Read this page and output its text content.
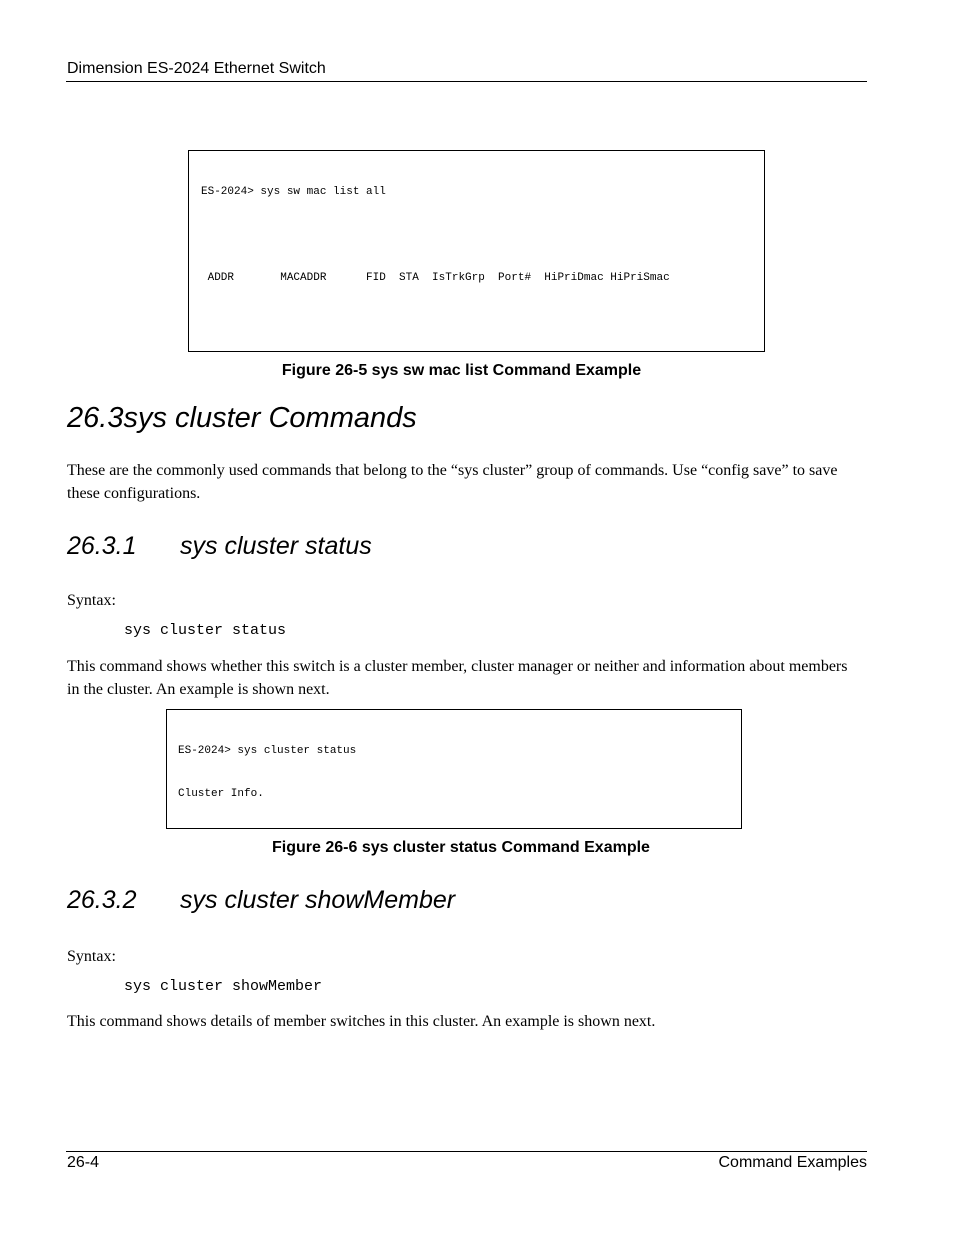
Dimension ES-2024 Ethernet Switch

ES-2024> sys sw mac list all

ADDR       MACADDR      FID  STA  IsTrkGrp  Port#  HiPriDmac HiPriSmac

Figure 26-5 sys sw mac list Command Example
26.3sys cluster Commands
These are the commonly used commands that belong to the “sys cluster” group of commands. Use “config save” to save these configurations.
26.3.1 sys cluster status
Syntax:
sys cluster status
This command shows whether this switch is a cluster member, cluster manager or neither and information about members in the cluster. An example is shown next.

ES-2024> sys cluster status

Cluster Info.

Figure 26-6 sys cluster status Command Example
26.3.2 sys cluster showMember
Syntax:
sys cluster showMember
This command shows details of member switches in this cluster. An example is shown next.
26-4	Command Examples
